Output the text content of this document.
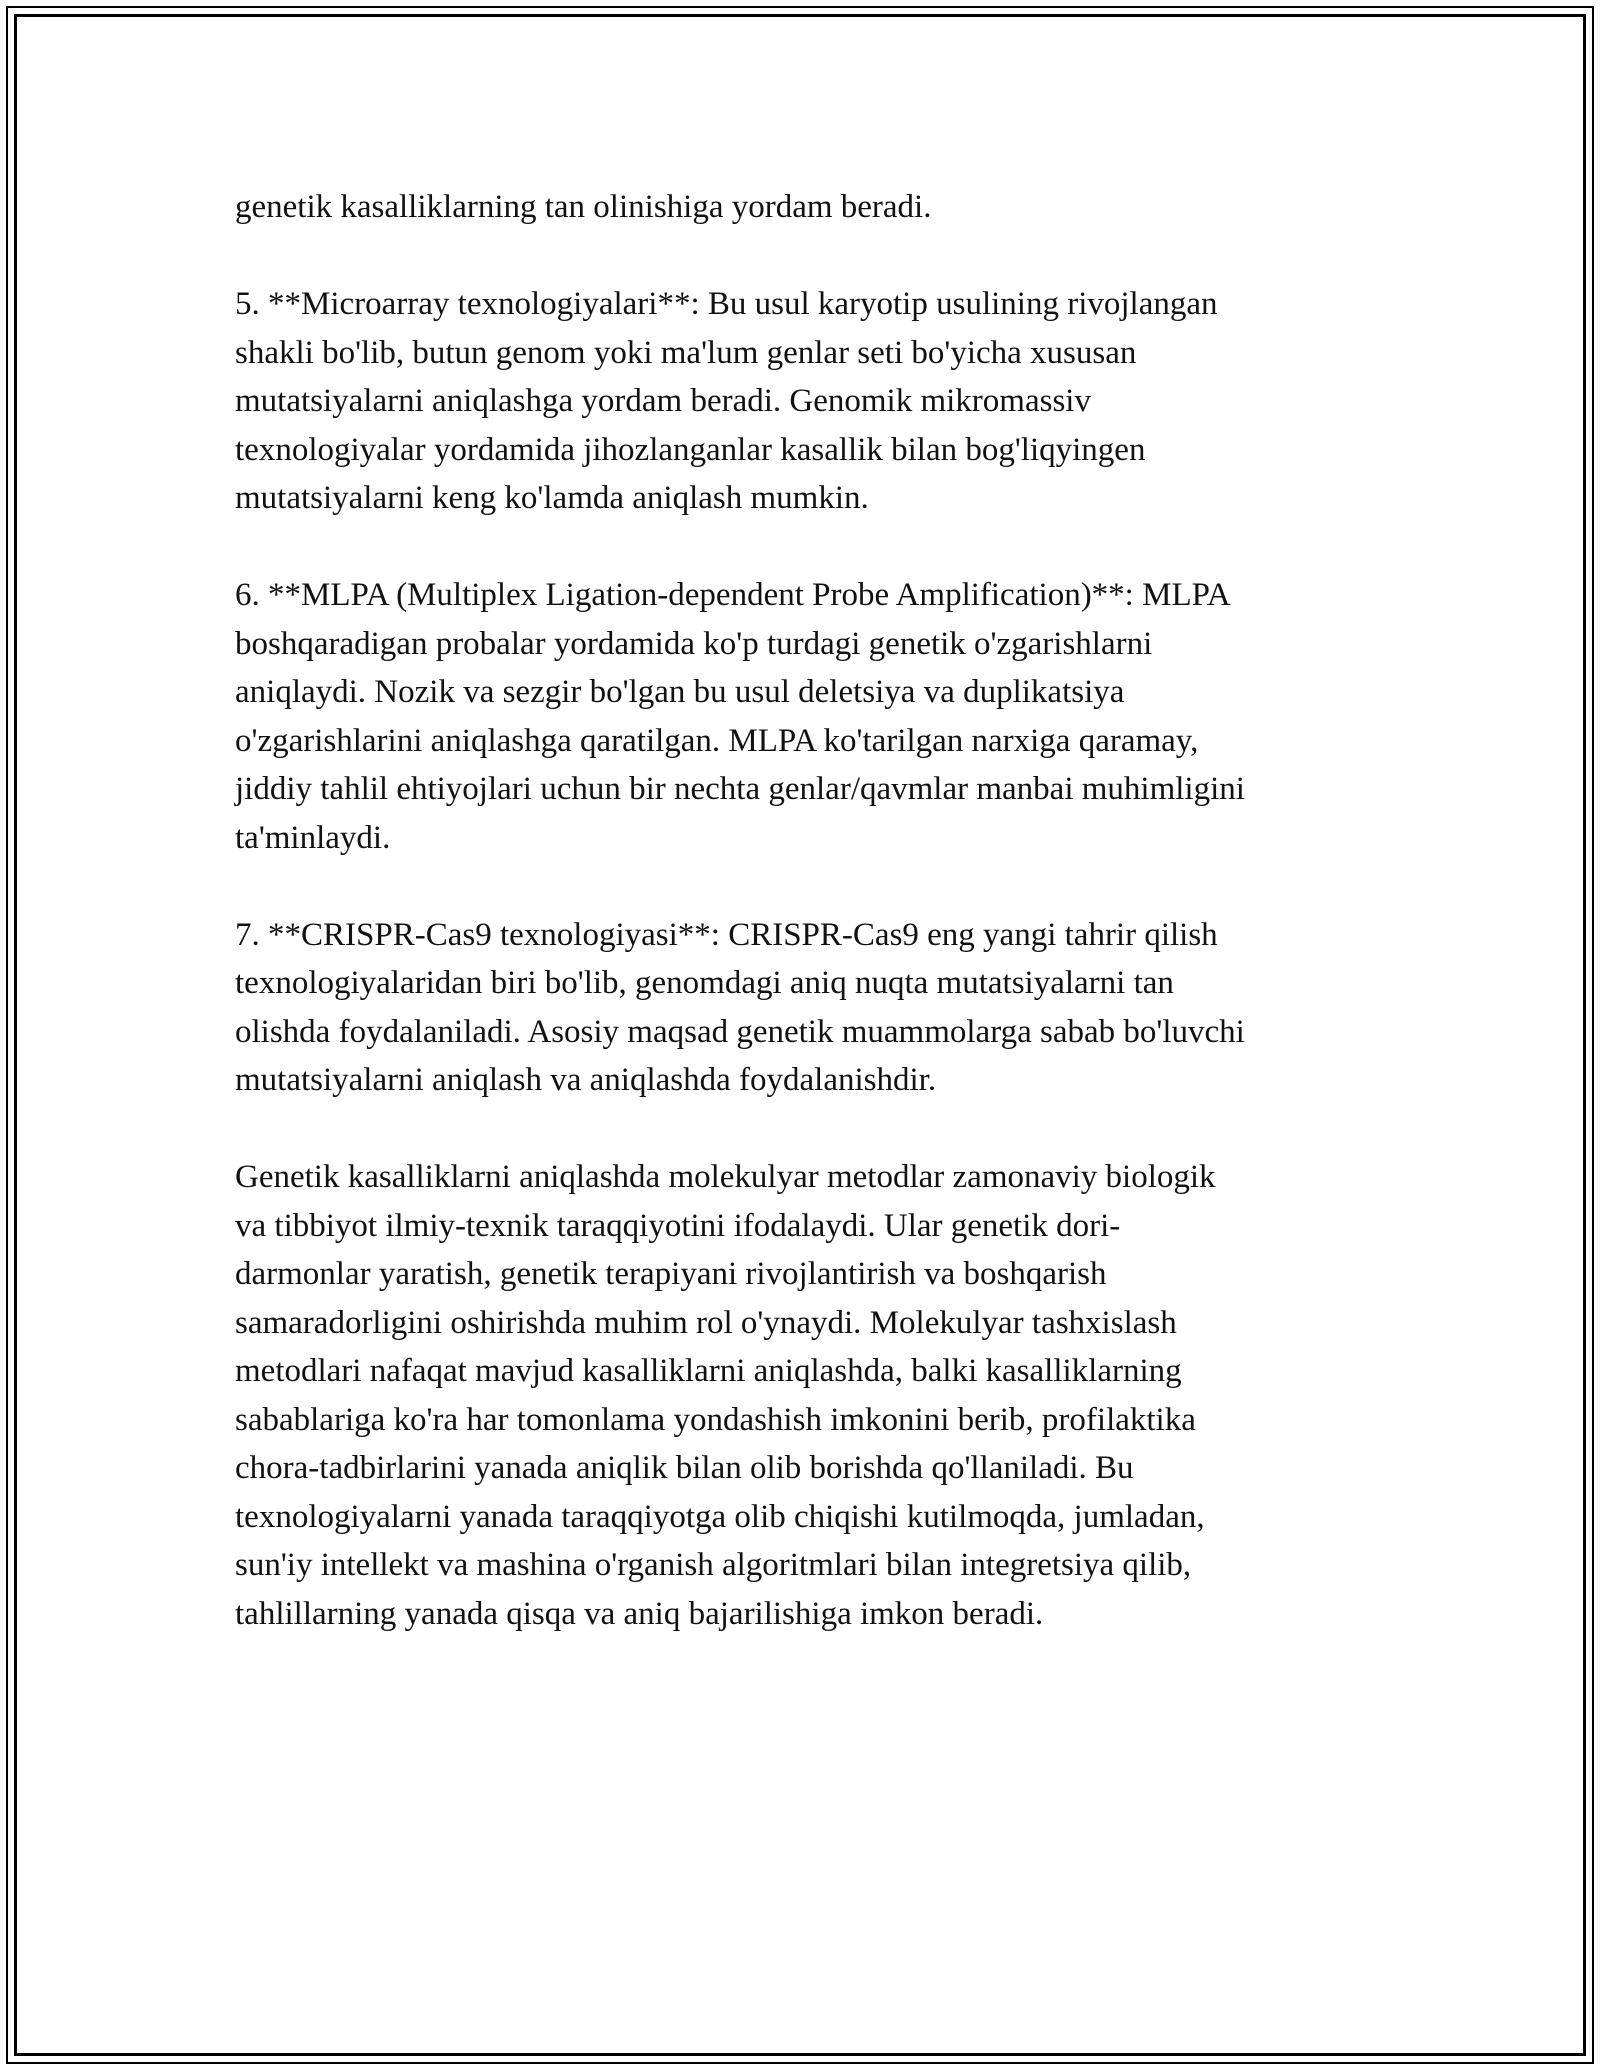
genetik kasalliklarning tan olinishiga yordam beradi.

5. **Microarray texnologiyalari**: Bu usul karyotip usulining rivojlangan
shakli bo'lib, butun genom yoki ma'lum genlar seti bo'yicha xususan
mutatsiyalarni aniqlashga yordam beradi. Genomik mikromassiv
texnologiyalar yordamida jihozlanganlar kasallik bilan bog'liqyingen
mutatsiyalarni keng ko'lamda aniqlash mumkin.

6. **MLPA (Multiplex Ligation-dependent Probe Amplification)**: MLPA
boshqaradigan probalar yordamida ko'p turdagi genetik o'zgarishlarni
aniqlaydi. Nozik va sezgir bo'lgan bu usul deletsiya va duplikatsiya
o'zgarishlarini aniqlashga qaratilgan. MLPA ko'tarilgan narxiga qaramay,
jiddiy tahlil ehtiyojlari uchun bir nechta genlar/qavmlar manbai muhimligini
ta'minlaydi.

7. **CRISPR-Cas9 texnologiyasi**: CRISPR-Cas9 eng yangi tahrir qilish
texnologiyalaridan biri bo'lib, genomdagi aniq nuqta mutatsiyalarni tan
olishda foydalaniladi. Asosiy maqsad genetik muammolarga sabab bo'luvchi
mutatsiyalarni aniqlash va aniqlashda foydalanishdir.

Genetik kasalliklarni aniqlashda molekulyar metodlar zamonaviy biologik
va tibbiyot ilmiy-texnik taraqqiyotini ifodalaydi. Ular genetik dori-
darmonlar yaratish, genetik terapiyani rivojlantirish va boshqarish
samaradorligini oshirishda muhim rol o'ynaydi. Molekulyar tashxislash
metodlari nafaqat mavjud kasalliklarni aniqlashda, balki kasalliklarning
sabablariga ko'ra har tomonlama yondashish imkonini berib, profilaktika
chora-tadbirlarini yanada aniqlik bilan olib borishda qo'llaniladi. Bu
texnologiyalarni yanada taraqqiyotga olib chiqishi kutilmoqda, jumladan,
sun'iy intellekt va mashina o'rganish algoritmlari bilan integretsiya qilib,
tahlillarning yanada qisqa va aniq bajarilishiga imkon beradi.
